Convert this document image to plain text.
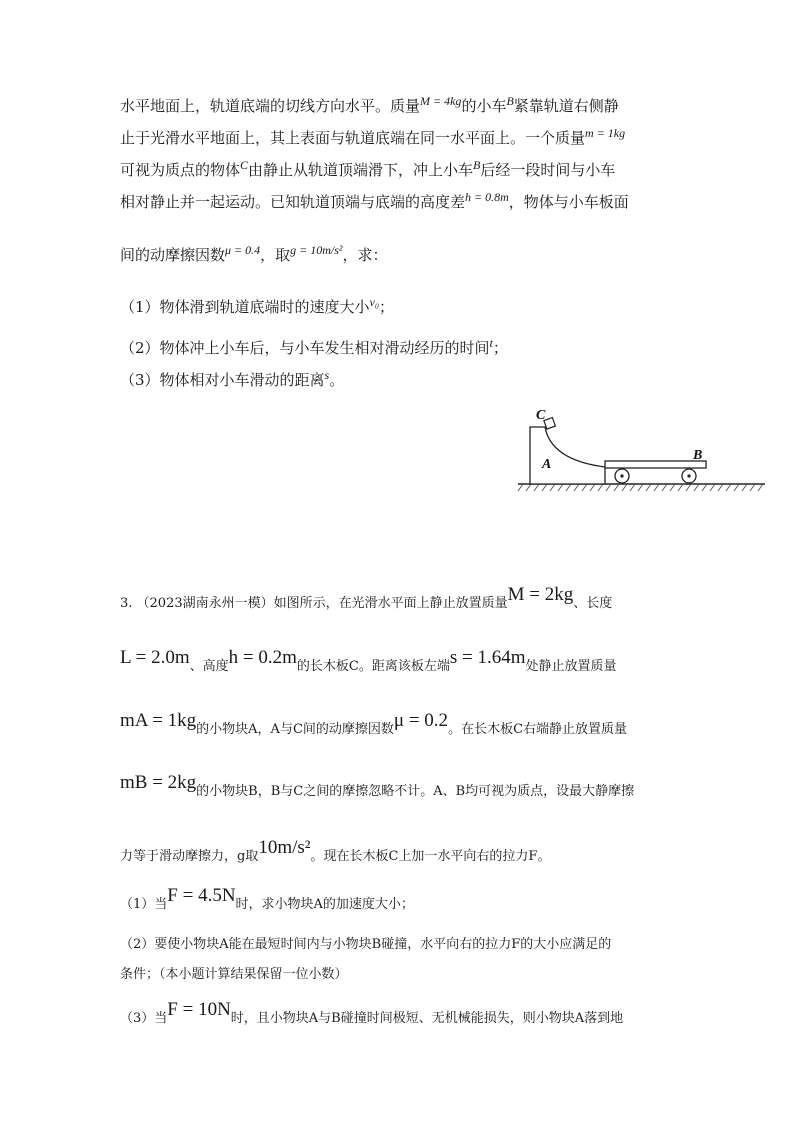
水平地面上，轨道底端的切线方向水平。质量$^{M = 4kg}$的小车$^B$紧靠轨道右侧静
止于光滑水平地面上，其上表面与轨道底端在同一水平面上。一个质量$^{m = 1kg}$
可视为质点的物体$^C$由静止从轨道顶端滑下，冲上小车$^B$后经一段时间与小车
相对静止并一起运动。已知轨道顶端与底端的高度差$^{h = 0.8m}$，物体与小车板面
间的动摩擦因数$^{\mu = 0.4}$，取$^{g = 10m/s^2}$，求：
（1）物体滑到轨道底端时的速度大小$^{v_0}$；
（2）物体冲上小车后，与小车发生相对滑动经历的时间$^t$；
（3）物体相对小车滑动的距离$^s$。
C
A
B
3. （2023湖南永州一模）如图所示，在光滑水平面上静止放置质量M = 2kg、长度
L = 2.0m、高度h = 0.2m的长木板C。距离该板左端s = 1.64m处静止放置质量
mA = 1kg的小物块A，A与C间的动摩擦因数μ = 0.2。在长木板C右端静止放置质量
mB = 2kg的小物块B，B与C之间的摩擦忽略不计。A、B均可视为质点，设最大静摩擦
力等于滑动摩擦力，g取10m/s²。现在长木板C上加一水平向右的拉力F。
（1）当F = 4.5N时，求小物块A的加速度大小；
（2）要使小物块A能在最短时间内与小物块B碰撞，水平向右的拉力F的大小应满足的
条件；（本小题计算结果保留一位小数）
（3）当F = 10N时，且小物块A与B碰撞时间极短、无机械能损失，则小物块A落到地
